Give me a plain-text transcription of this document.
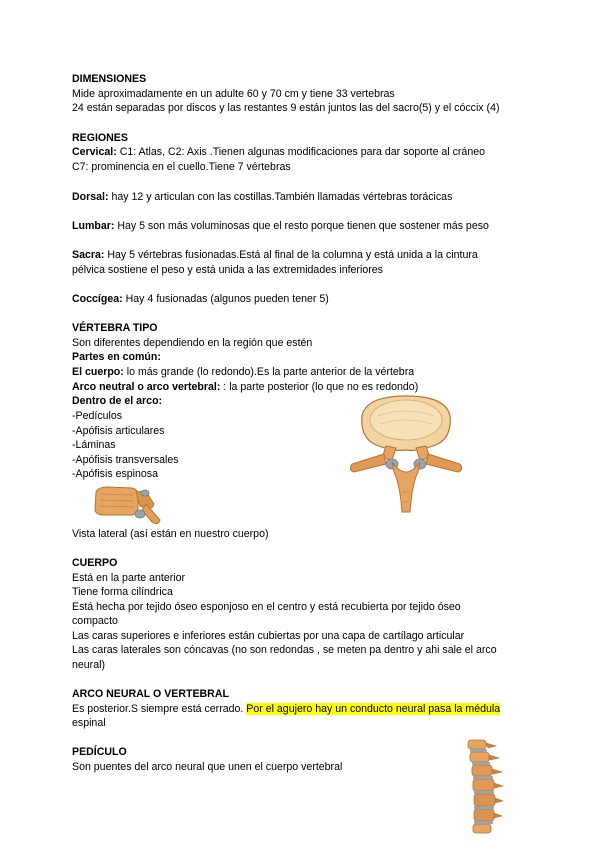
DIMENSIONES
Mide aproximadamente en un adulte 60 y 70 cm y tiene 33 vertebras
24 están separadas por discos y las restantes 9 están juntos las del sacro(5) y el cóccix (4)
REGIONES
Cervical: C1: Atlas, C2: Axis .Tienen algunas modificaciones para dar soporte al cráneo
C7: prominencia en el cuello.Tiene 7 vértebras
Dorsal: hay 12 y articulan con las costillas.También llamadas vértebras torácicas
Lumbar: Hay 5 son más voluminosas que el resto porque tienen que sostener más peso
Sacra: Hay 5 vértebras fusionadas.Está al final de la columna y está unida a la cintura
pélvica sostiene el peso y está unida a las extremidades inferiores
Coccígea: Hay 4 fusionadas (algunos pueden tener 5)
VÉRTEBRA TIPO
Son diferentes dependiendo en la región que estén
Partes en común:
El cuerpo: lo más grande (lo redondo).Es la parte anterior de la vértebra
Arco neutral o arco vertebral: : la parte posterior (lo que no es redondo)
Dentro de el arco:
-Pedículos
-Apófisis articulares
-Láminas
-Apófisis transversales
-Apófisis espinosa
Vista lateral (así están en nuestro cuerpo)
CUERPO
Está en la parte anterior
Tiene forma cilíndrica
Está hecha por tejido óseo esponjoso en el centro y está recubierta por tejido óseo
compacto
Las caras superiores e inferiores están cubiertas por una capa de cartílago articular
Las caras laterales son cóncavas (no son redondas , se meten pa dentro y ahi sale el arco
neural)
ARCO NEURAL O VERTEBRAL
Es posterior.S siempre está cerrado. Por el agujero hay un conducto neural pasa la médula
espinal
PEDÍCULO
Son puentes del arco neural que unen el cuerpo vertebral
